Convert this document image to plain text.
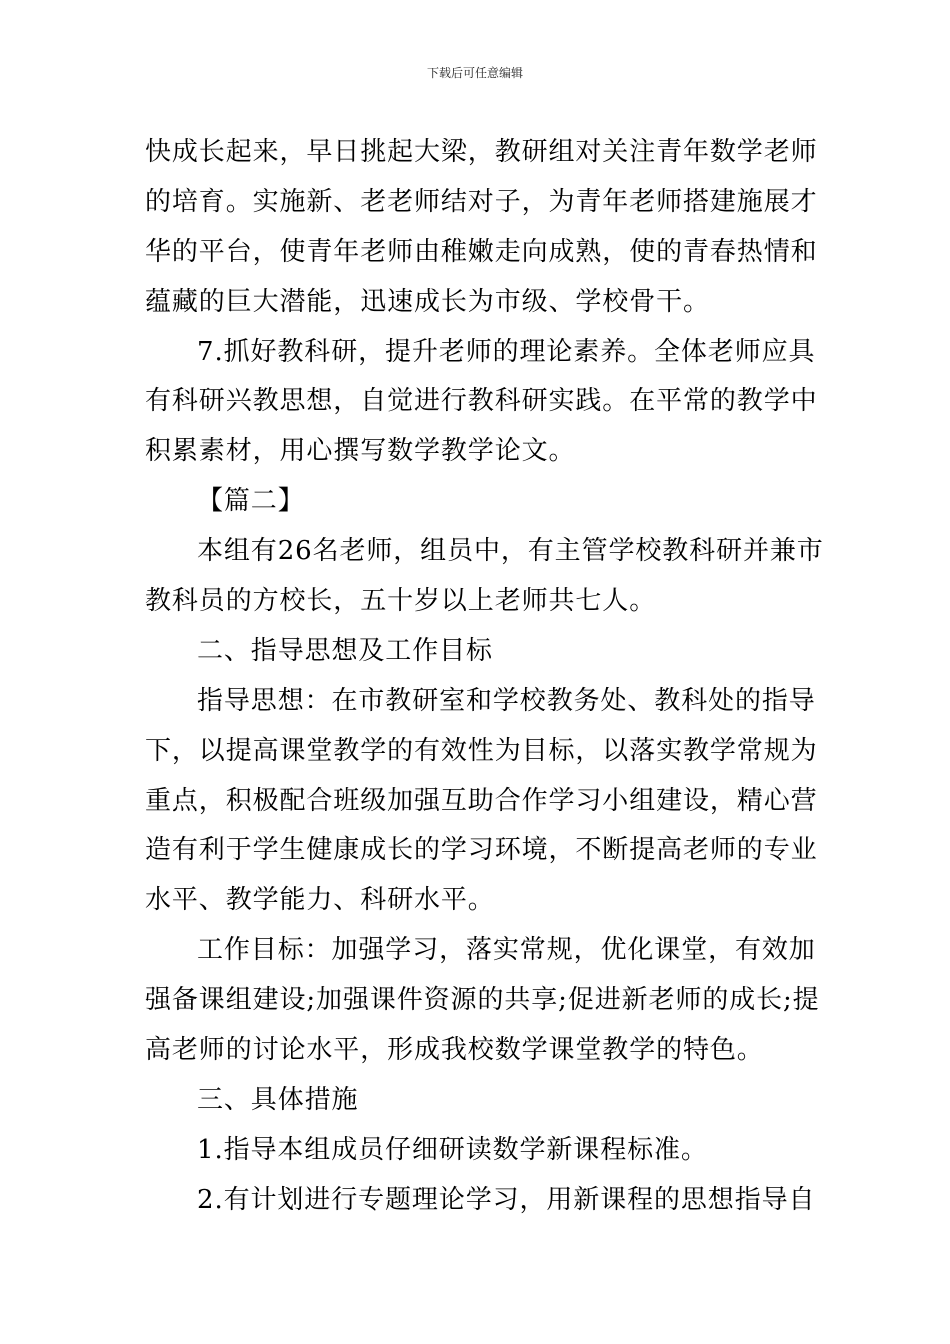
下载后可任意编辑
快成长起来，早日挑起大梁，教研组对关注青年数学老师
的培育。实施新、老老师结对子，为青年老师搭建施展才
华的平台，使青年老师由稚嫩走向成熟，使的青春热情和
蕴藏的巨大潜能，迅速成长为市级、学校骨干。
7.抓好教科研，提升老师的理论素养。全体老师应具
有科研兴教思想，自觉进行教科研实践。在平常的教学中
积累素材，用心撰写数学教学论文。
【篇二】
本组有26名老师，组员中，有主管学校教科研并兼市
教科员的方校长，五十岁以上老师共七人。
二、指导思想及工作目标
指导思想：在市教研室和学校教务处、教科处的指导
下，以提高课堂教学的有效性为目标，以落实教学常规为
重点，积极配合班级加强互助合作学习小组建设，精心营
造有利于学生健康成长的学习环境，不断提高老师的专业
水平、教学能力、科研水平。
工作目标：加强学习，落实常规，优化课堂，有效加
强备课组建设;加强课件资源的共享;促进新老师的成长;提
高老师的讨论水平，形成我校数学课堂教学的特色。
三、具体措施
1.指导本组成员仔细研读数学新课程标准。
2.有计划进行专题理论学习，用新课程的思想指导自
